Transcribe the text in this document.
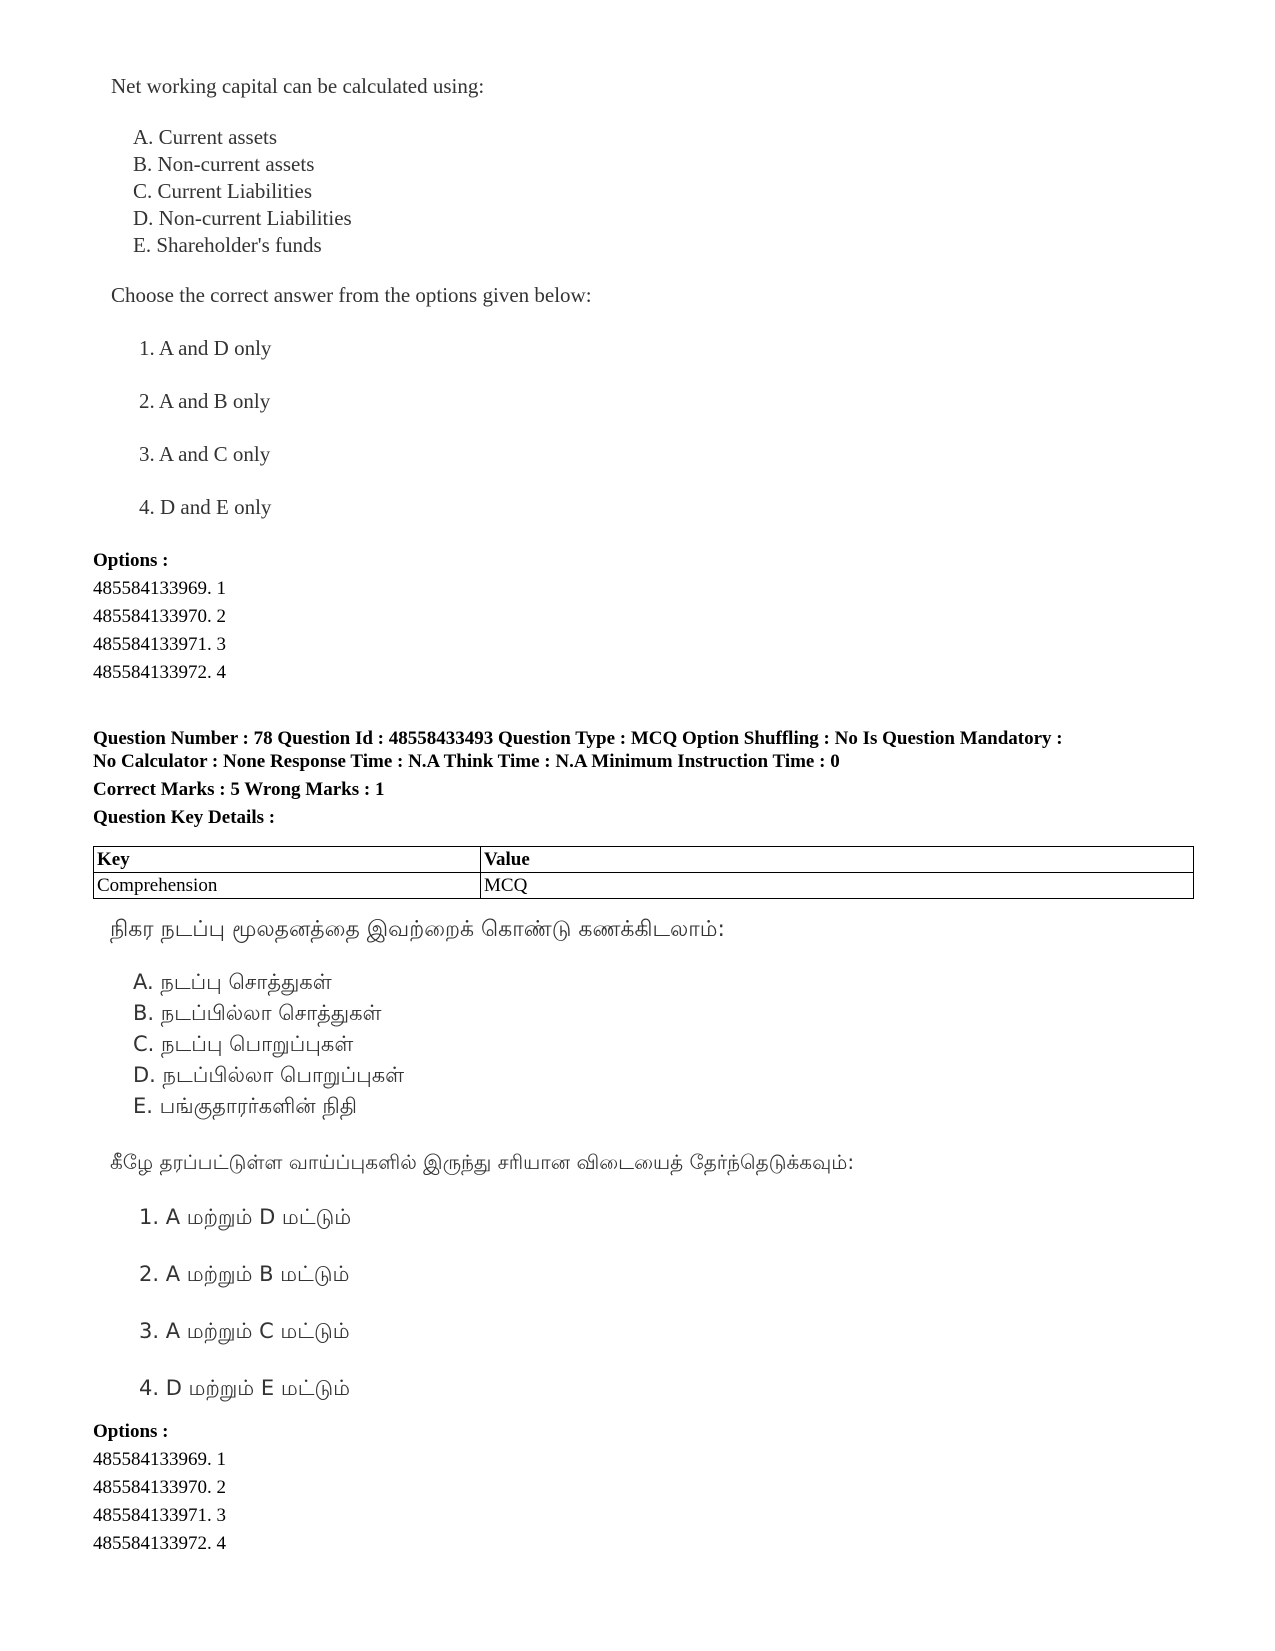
Net working capital can be calculated using:
A. Current assets
B. Non-current assets
C. Current Liabilities
D. Non-current Liabilities
E. Shareholder's funds
Choose the correct answer from the options given below:
1. A and D only
2. A and B only
3. A and C only
4. D and E only
Options :
485584133969. 1
485584133970. 2
485584133971. 3
485584133972. 4
Question Number : 78 Question Id : 48558433493 Question Type : MCQ Option Shuffling : No Is Question Mandatory :
No Calculator : None Response Time : N.A Think Time : N.A Minimum Instruction Time : 0
Correct Marks : 5 Wrong Marks : 1
Question Key Details :
Key	Value
Comprehension	MCQ
நிகர நடப்பு மூலதனத்தை இவற்றைக் கொண்டு கணக்கிடலாம்:
A. நடப்பு சொத்துகள்
B. நடப்பில்லா சொத்துகள்
C. நடப்பு பொறுப்புகள்
D. நடப்பில்லா பொறுப்புகள்
E. பங்குதாரர்களின் நிதி
கீழே தரப்பட்டுள்ள வாய்ப்புகளில் இருந்து சரியான விடையைத் தேர்ந்தெடுக்கவும்:
1. A மற்றும் D மட்டும்
2. A மற்றும் B மட்டும்
3. A மற்றும் C மட்டும்
4. D மற்றும் E மட்டும்
Options :
485584133969. 1
485584133970. 2
485584133971. 3
485584133972. 4
